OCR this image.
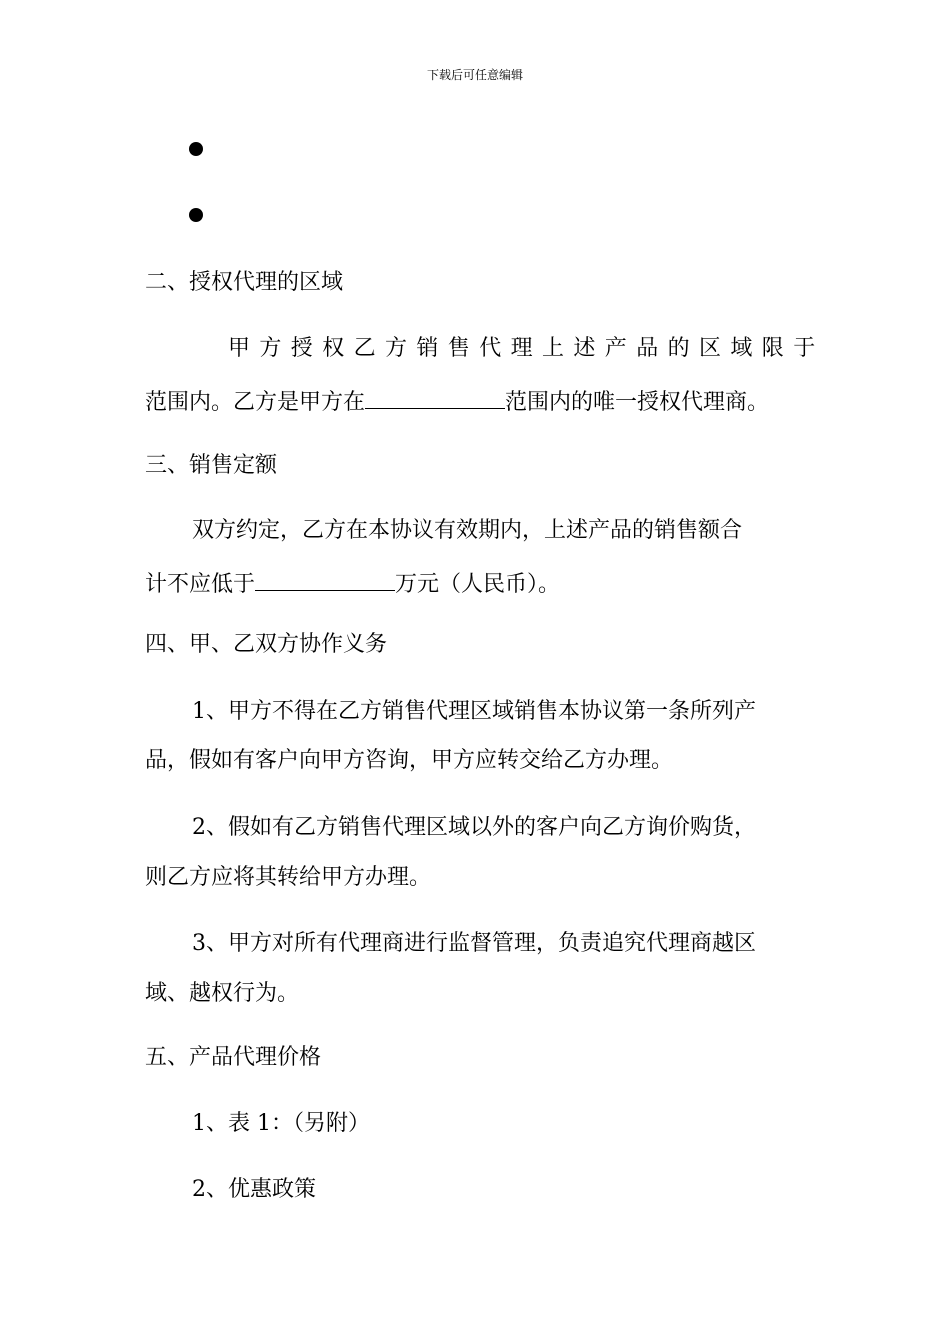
下载后可任意编辑
二、授权代理的区域
甲方授权乙方销售代理上述产品的区域限于
范围内。乙方是甲方在	范围内的唯一授权代理商。
三、销售定额
双方约定，乙方在本协议有效期内，上述产品的销售额合
计不应低于	万元（人民币）。
四、甲、乙双方协作义务
1、甲方不得在乙方销售代理区域销售本协议第一条所列产
品，假如有客户向甲方咨询，甲方应转交给乙方办理。
2、假如有乙方销售代理区域以外的客户向乙方询价购货，
则乙方应将其转给甲方办理。
3、甲方对所有代理商进行监督管理，负责追究代理商越区
域、越权行为。
五、产品代理价格
1、表 1：（另附）
2、优惠政策
